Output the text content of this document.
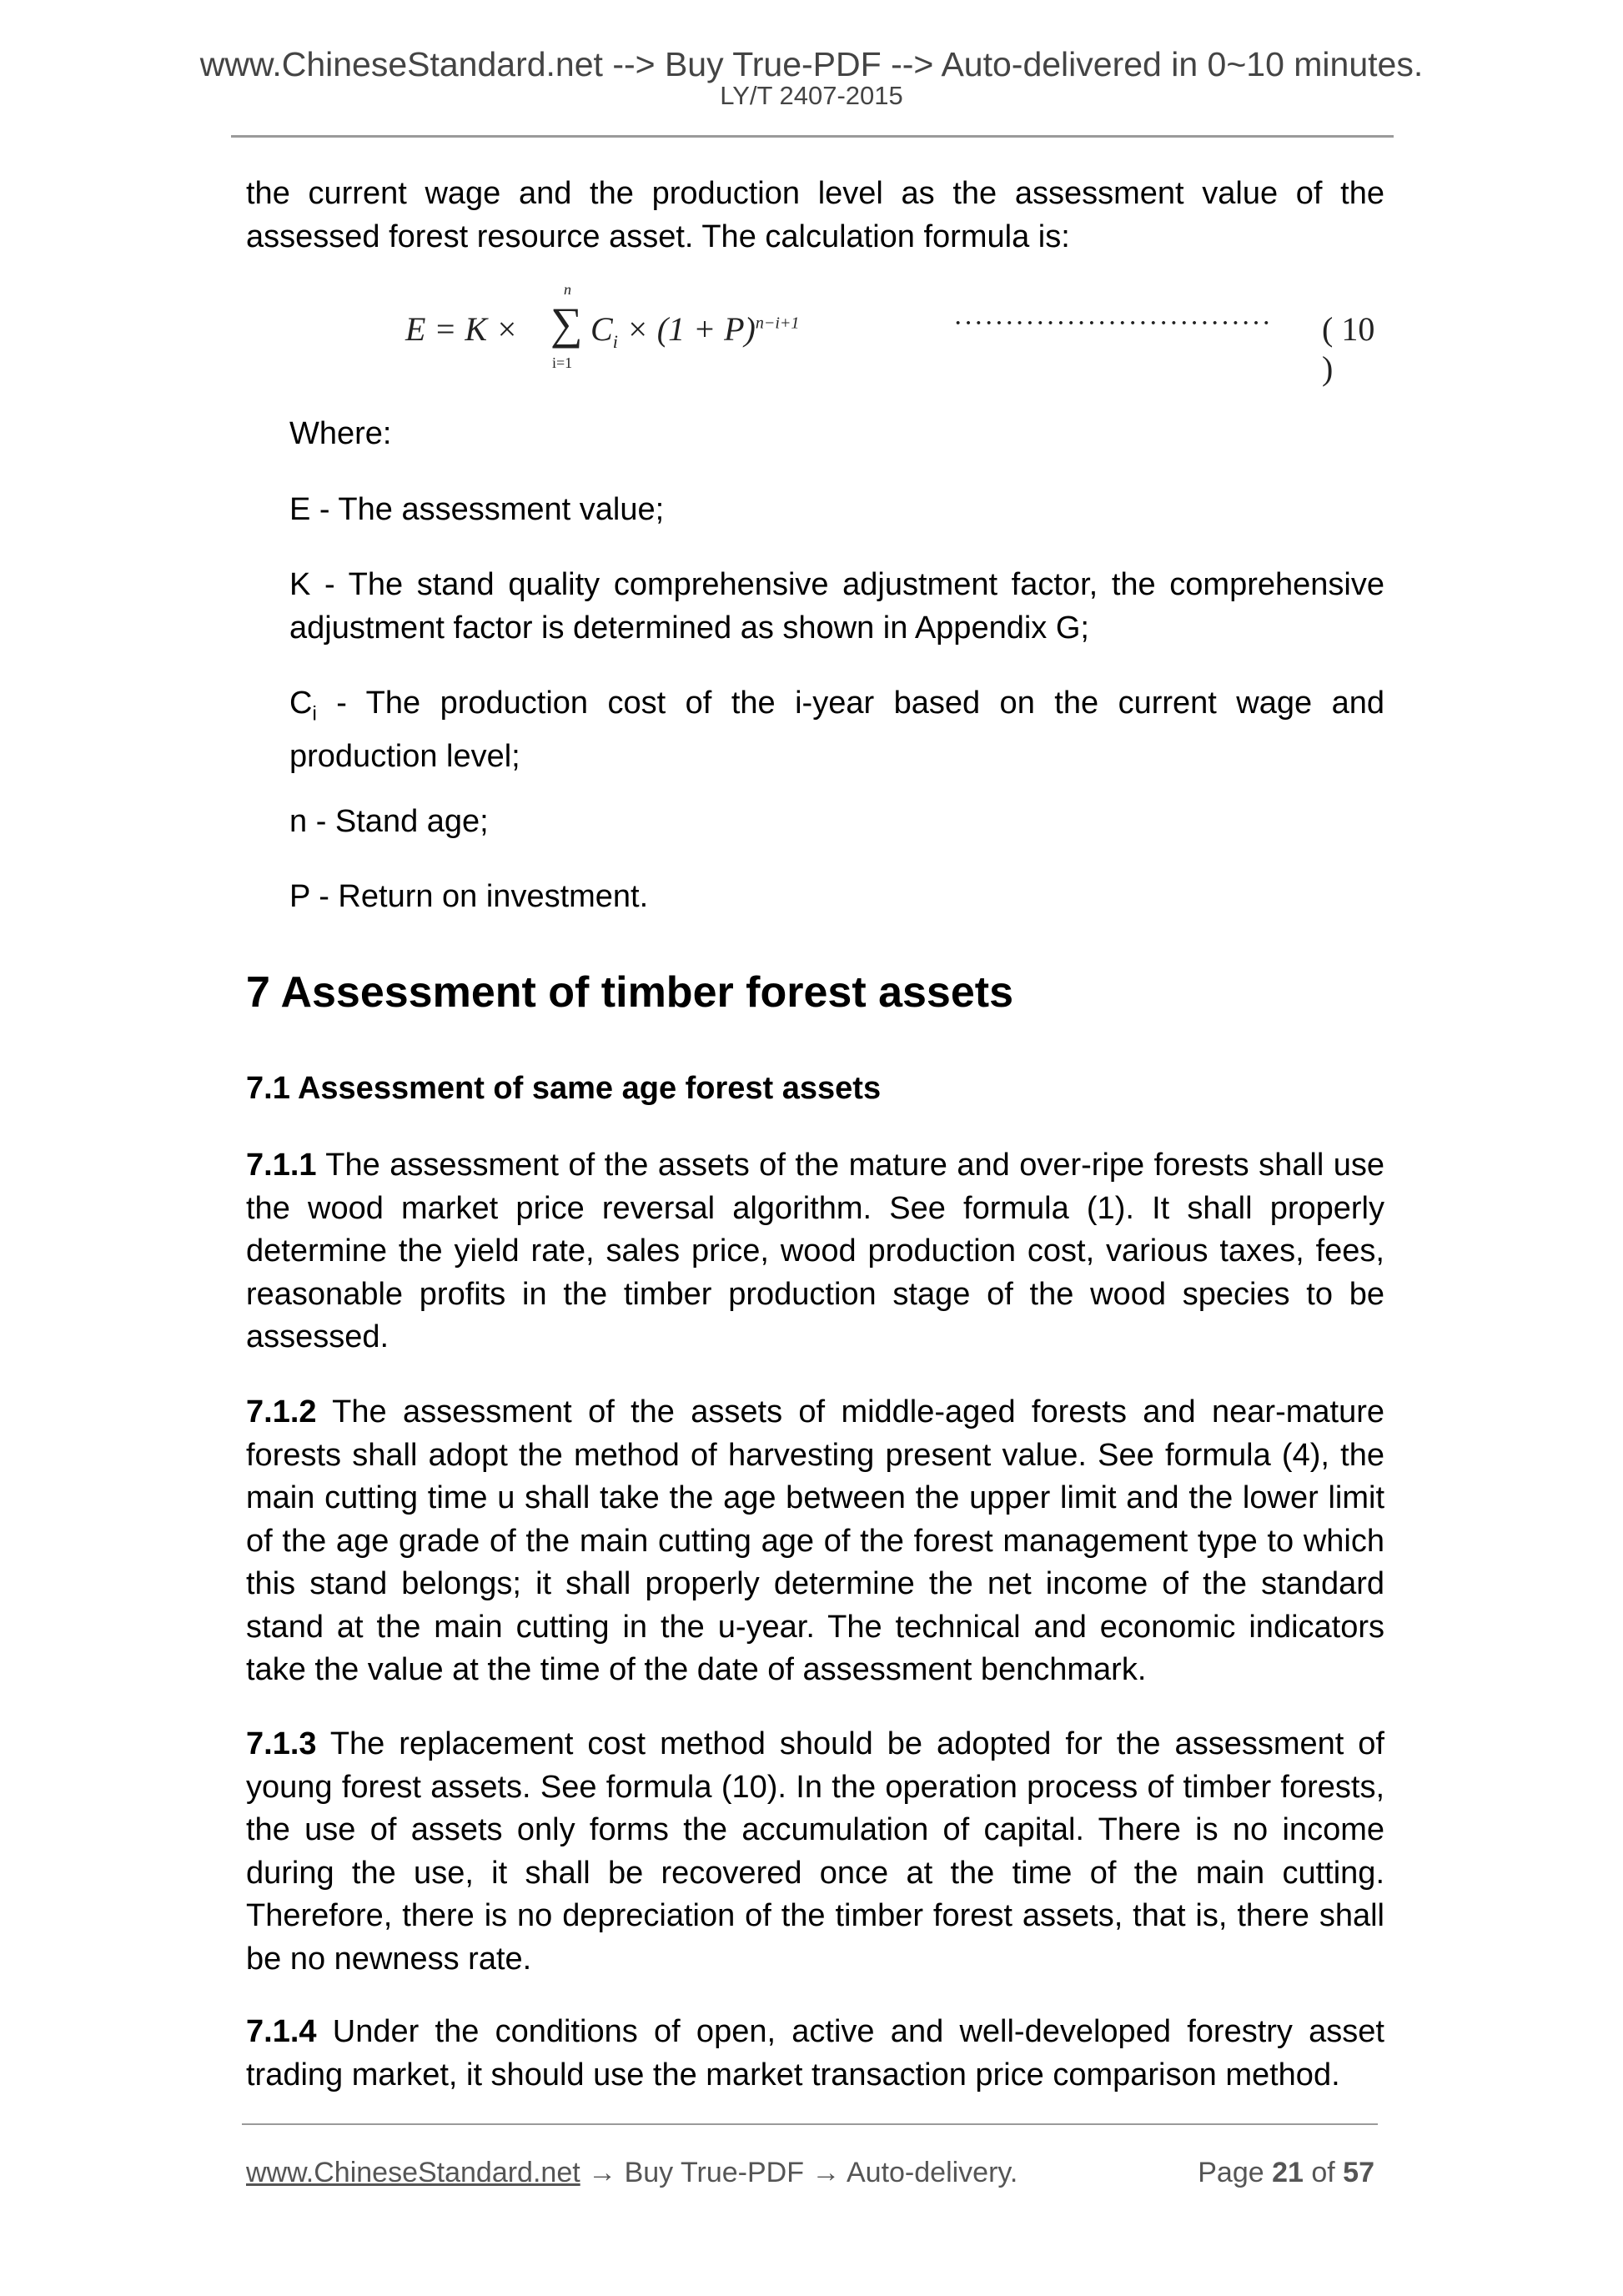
www.ChineseStandard.net --> Buy True-PDF --> Auto-delivered in 0~10 minutes.
LY/T 2407-2015
the current wage and the production level as the assessment value of the assessed forest resource asset. The calculation formula is:
E = K ×
n
∑
i=1
$C_i \times (1 + P)^{n-i+1}$	······························· ( 10 )
Where:
E - The assessment value;
K - The stand quality comprehensive adjustment factor, the comprehensive adjustment factor is determined as shown in Appendix G;
$C_i$ - The production cost of the i-year based on the current wage and production level;
n - Stand age;
P - Return on investment.
7 Assessment of timber forest assets
7.1 Assessment of same age forest assets
7.1.1 The assessment of the assets of the mature and over-ripe forests shall use the wood market price reversal algorithm. See formula (1). It shall properly determine the yield rate, sales price, wood production cost, various taxes, fees, reasonable profits in the timber production stage of the wood species to be assessed.
7.1.2 The assessment of the assets of middle-aged forests and near-mature forests shall adopt the method of harvesting present value. See formula (4), the main cutting time u shall take the age between the upper limit and the lower limit of the age grade of the main cutting age of the forest management type to which this stand belongs; it shall properly determine the net income of the standard stand at the main cutting in the u-year. The technical and economic indicators take the value at the time of the date of assessment benchmark.
7.1.3 The replacement cost method should be adopted for the assessment of young forest assets. See formula (10). In the operation process of timber forests, the use of assets only forms the accumulation of capital. There is no income during the use, it shall be recovered once at the time of the main cutting. Therefore, there is no depreciation of the timber forest assets, that is, there shall be no newness rate.
7.1.4 Under the conditions of open, active and well-developed forestry asset trading market, it should use the market transaction price comparison method.
www.ChineseStandard.net → Buy True-PDF → Auto-delivery.	Page 21 of 57
